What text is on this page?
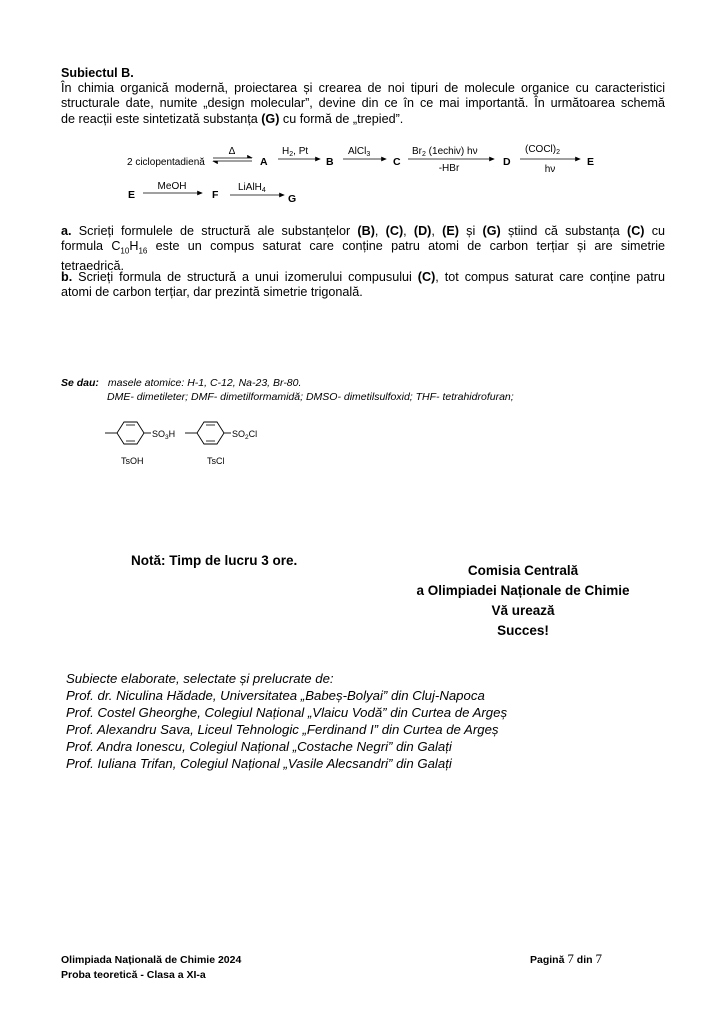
Subiectul B.
În chimia organică modernă, proiectarea și crearea de noi tipuri de molecule organice cu caracteristici
structurale date, numite „design molecular”, devine din ce în ce mai importantă. În următoarea schemă
de reacții este sintetizată substanța (G) cu formă de „trepied”.
2 ciclopentadienă
Δ
A
$H_2$, Pt
B
AlCl$_3$
C
$Br_2$ (1echiv) hν
-HBr
D
$(COCl)_2$
hν
E
E
MeOH
F
LiAlH$_4$
G
a. Scrieți formulele de structură ale substanțelor (B), (C), (D), (E) și (G) știind că substanța (C) cu
formula $C_{10}H_{16}$ este un compus saturat care conține patru atomi de carbon terțiar și are simetrie
tetraedrică.
b. Scrieți formula de structură a unui izomerului compusului (C), tot compus saturat care conține patru
atomi de carbon terțiar, dar prezintă simetrie trigonală.
Se dau: masele atomice: H-1, C-12, Na-23, Br-80.
DME- dimetileter; DMF- dimetilformamidă; DMSO- dimetilsulfoxid; THF- tetrahidrofuran;
$SO_3H$
TsOH
$SO_2Cl$
TsCl
Notă: Timp de lucru 3 ore.
Comisia Centrală
a Olimpiadei Naționale de Chimie
Vă urează
Succes!
Subiecte elaborate, selectate și prelucrate de:
Prof. dr. Niculina Hădade, Universitatea „Babeș-Bolyai” din Cluj-Napoca
Prof. Costel Gheorghe, Colegiul Național „Vlaicu Vodă” din Curtea de Argeș
Prof. Alexandru Sava, Liceul Tehnologic „Ferdinand I” din Curtea de Argeș
Prof. Andra Ionescu, Colegiul Național „Costache Negri” din Galați
Prof. Iuliana Trifan, Colegiul Național „Vasile Alecsandri” din Galați
Olimpiada Națională de Chimie 2024
Proba teoretică - Clasa a XI-a
Pagină 7 din 7
